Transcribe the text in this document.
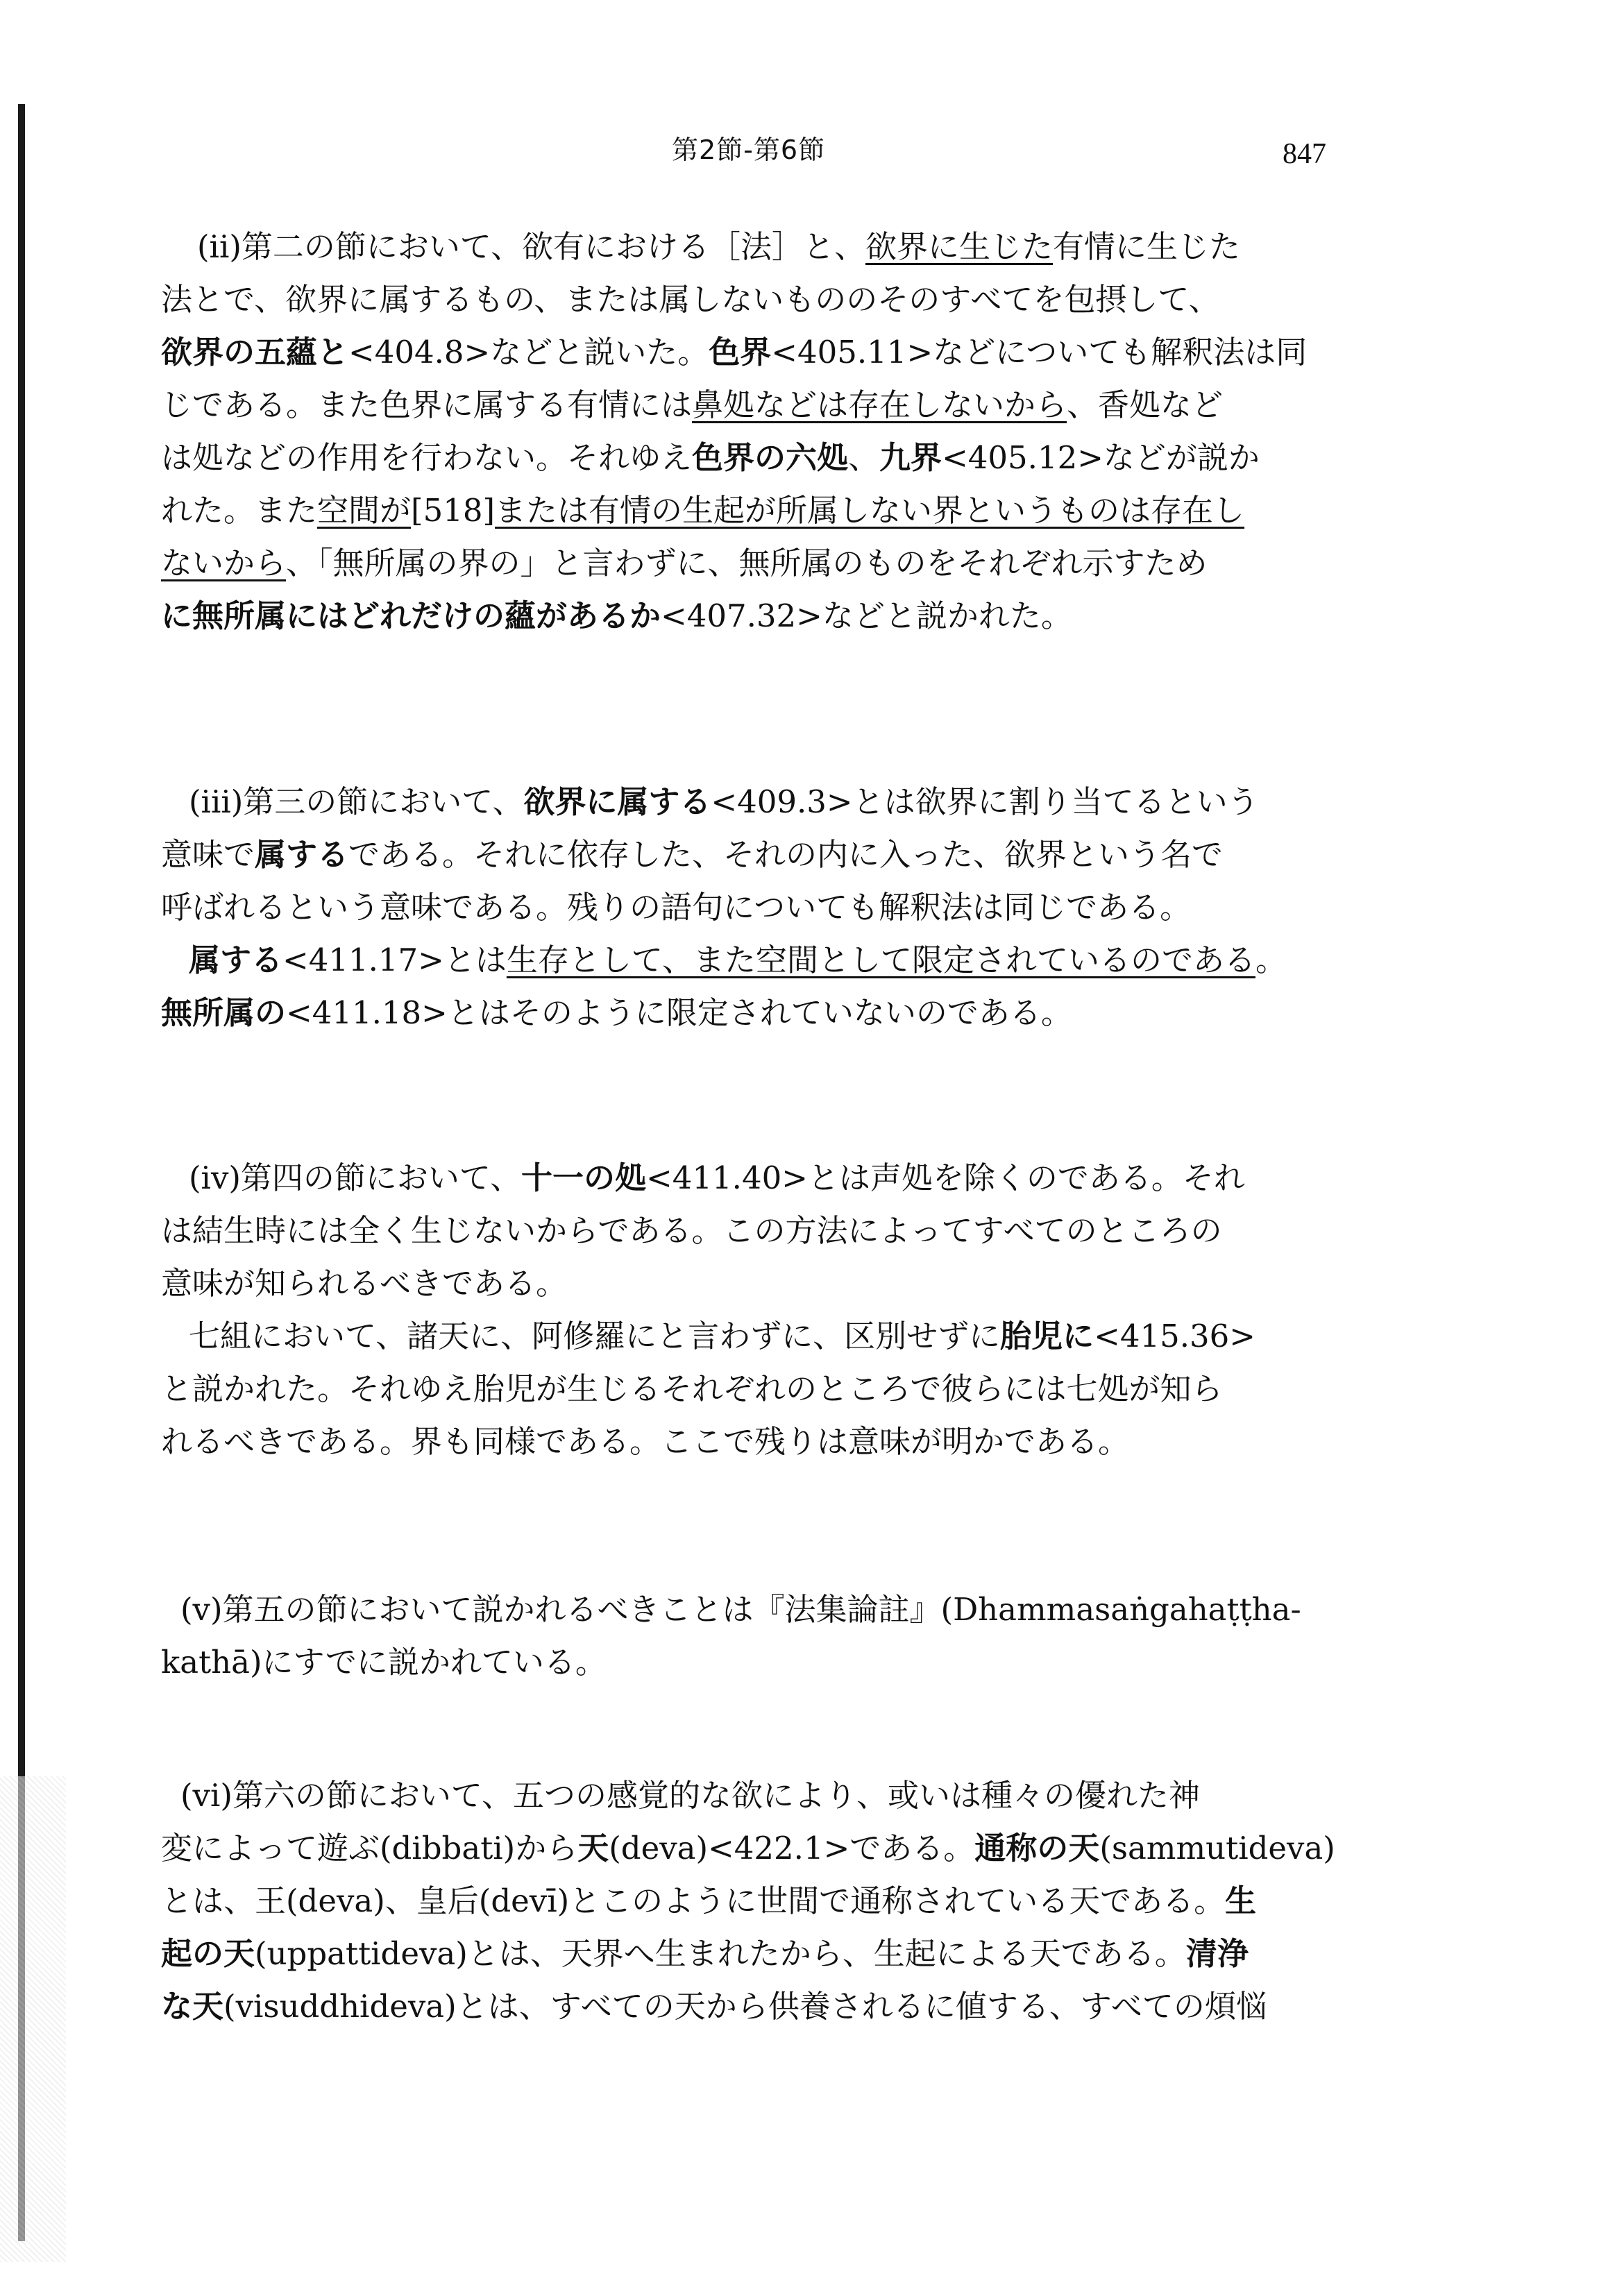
第2節-第6節	847
(ii)第二の節において、欲有における［法］と、欲界に生じた有情に生じた
法とで、欲界に属するもの、または属しないもののそのすべてを包摂して、
欲界の五蘊と<404.8>などと説いた。色界<405.11>などについても解釈法は同
じである。また色界に属する有情には鼻処などは存在しないから、香処など
は処などの作用を行わない。それゆえ色界の六処、九界<405.12>などが説か
れた。また空間が[518]または有情の生起が所属しない界というものは存在し
ないから、「無所属の界の」と言わずに、無所属のものをそれぞれ示すため
に無所属にはどれだけの蘊があるか<407.32>などと説かれた。
(iii)第三の節において、欲界に属する<409.3>とは欲界に割り当てるという
意味で属するである。それに依存した、それの内に入った、欲界という名で
呼ばれるという意味である。残りの語句についても解釈法は同じである。
属する<411.17>とは生存として、また空間として限定されているのである。
無所属の<411.18>とはそのように限定されていないのである。
(iv)第四の節において、十一の処<411.40>とは声処を除くのである。それ
は結生時には全く生じないからである。この方法によってすべてのところの
意味が知られるべきである。
七組において、諸天に、阿修羅にと言わずに、区別せずに胎児に<415.36>
と説かれた。それゆえ胎児が生じるそれぞれのところで彼らには七処が知ら
れるべきである。界も同様である。ここで残りは意味が明かである。
(v)第五の節において説かれるべきことは『法集論註』(Dhammasaṅgahaṭṭha-
kathā)にすでに説かれている。
(vi)第六の節において、五つの感覚的な欲により、或いは種々の優れた神
変によって遊ぶ(dibbati)から天(deva)<422.1>である。通称の天(sammutideva)
とは、王(deva)、皇后(devī)とこのように世間で通称されている天である。生
起の天(uppattideva)とは、天界へ生まれたから、生起による天である。清浄
な天(visuddhideva)とは、すべての天から供養されるに値する、すべての煩悩
